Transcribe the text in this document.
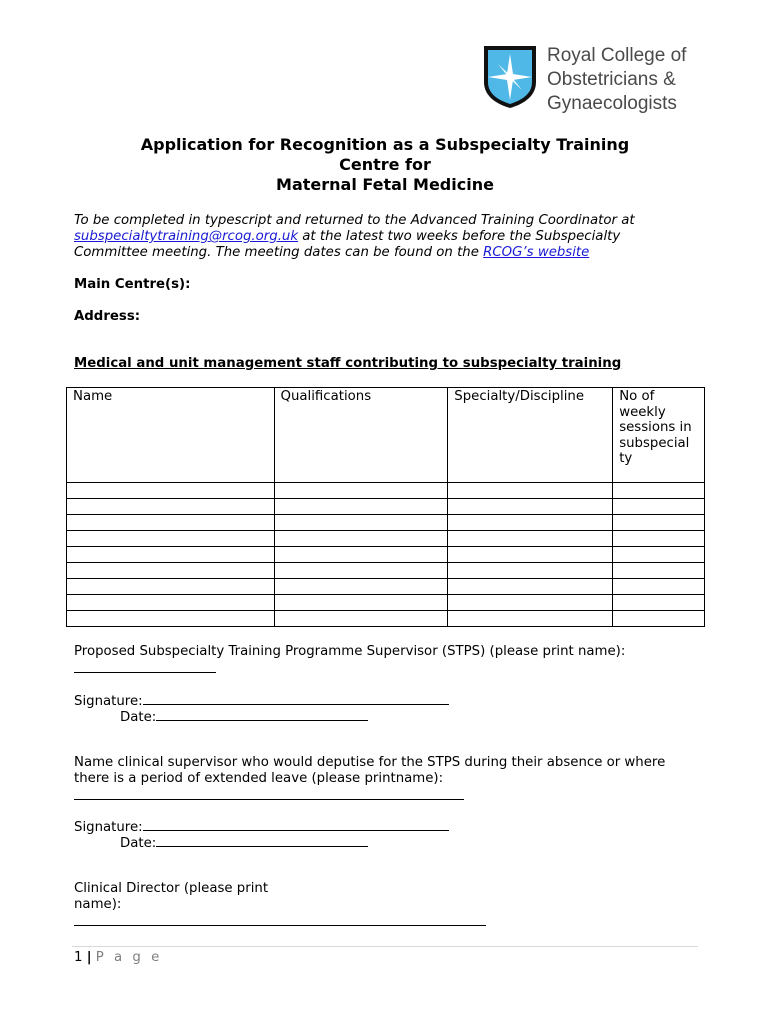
Royal College of
Obstetricians &
Gynaecologists
Application for Recognition as a Subspecialty Training
Centre for
Maternal Fetal Medicine
To be completed in typescript and returned to the Advanced Training Coordinator at subspecialtytraining@rcog.org.uk at the latest two weeks before the Subspecialty Committee meeting. The meeting dates can be found on the RCOG’s website
Main Centre(s):
Address:
Medical and unit management staff contributing to subspecialty training
Name	Qualifications	Specialty/Discipline	No of weekly sessions in subspecial ty

Proposed Subspecialty Training Programme Supervisor (STPS) (please print name):
Signature:
Date:
Name clinical supervisor who would deputise for the STPS during their absence or where there is a period of extended leave (please printname):
Signature:
Date:
Clinical Director (please print name):
1 | P a g e
